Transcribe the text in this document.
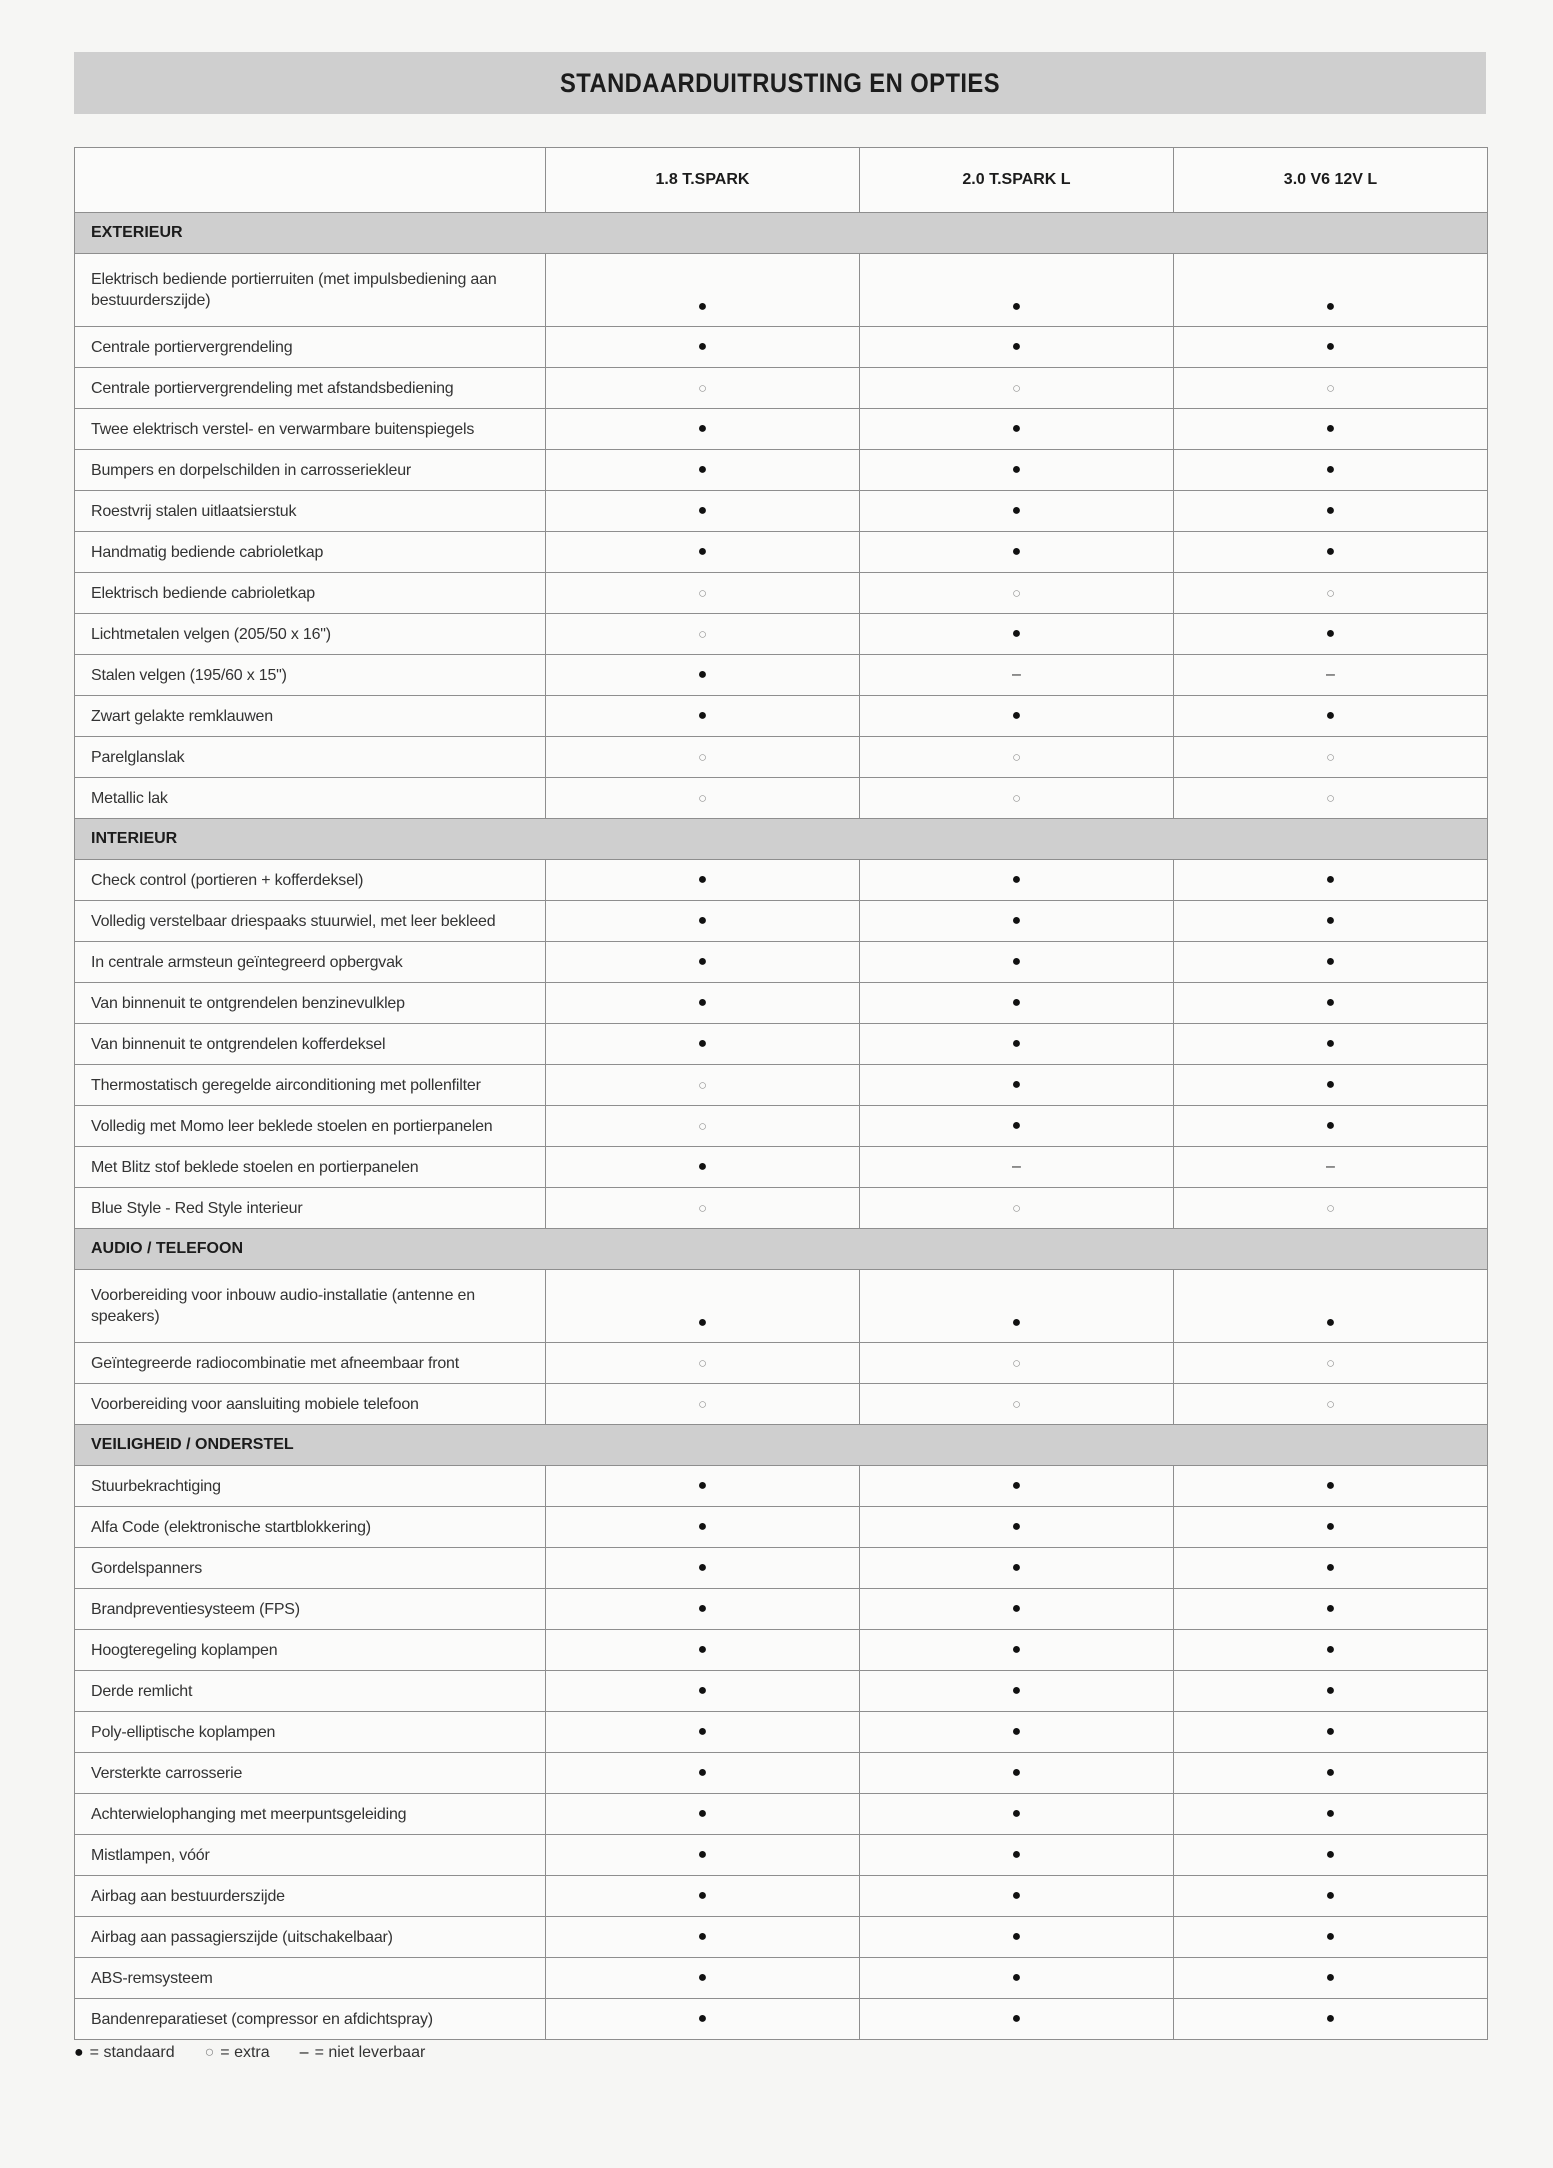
STANDAARDUITRUSTING EN OPTIES
	1.8 T.SPARK	2.0 T.SPARK L	3.0 V6 12V L
EXTERIEUR			
Elektrisch bediende portierruiten (met impulsbediening aan bestuurderszijde)	●	●	●
Centrale portiervergrendeling	●	●	●
Centrale portiervergrendeling met afstandsbediening	○	○	○
Twee elektrisch verstel- en verwarmbare buitenspiegels	●	●	●
Bumpers en dorpelschilden in carrosseriekleur	●	●	●
Roestvrij stalen uitlaatsierstuk	●	●	●
Handmatig bediende cabrioletkap	●	●	●
Elektrisch bediende cabrioletkap	○	○	○
Lichtmetalen velgen (205/50 x 16")	○	●	●
Stalen velgen (195/60 x 15")	●	–	–
Zwart gelakte remklauwen	●	●	●
Parelglanslak	○	○	○
Metallic lak	○	○	○
INTERIEUR			
Check control (portieren + kofferdeksel)	●	●	●
Volledig verstelbaar driespaaks stuurwiel, met leer bekleed	●	●	●
In centrale armsteun geïntegreerd opbergvak	●	●	●
Van binnenuit te ontgrendelen benzinevulklep	●	●	●
Van binnenuit te ontgrendelen kofferdeksel	●	●	●
Thermostatisch geregelde airconditioning met pollenfilter	○	●	●
Volledig met Momo leer beklede stoelen en portierpanelen	○	●	●
Met Blitz stof beklede stoelen en portierpanelen	●	–	–
Blue Style - Red Style interieur	○	○	○
AUDIO / TELEFOON			
Voorbereiding voor inbouw audio-installatie (antenne en speakers)	●	●	●
Geïntegreerde radiocombinatie met afneembaar front	○	○	○
Voorbereiding voor aansluiting mobiele telefoon	○	○	○
VEILIGHEID / ONDERSTEL			
Stuurbekrachtiging	●	●	●
Alfa Code (elektronische startblokkering)	●	●	●
Gordelspanners	●	●	●
Brandpreventiesysteem (FPS)	●	●	●
Hoogteregeling koplampen	●	●	●
Derde remlicht	●	●	●
Poly-elliptische koplampen	●	●	●
Versterkte carrosserie	●	●	●
Achterwielophanging met meerpuntsgeleiding	●	●	●
Mistlampen, vóór	●	●	●
Airbag aan bestuurderszijde	●	●	●
Airbag aan passagierszijde (uitschakelbaar)	●	●	●
ABS-remsysteem	●	●	●
Bandenreparatieset (compressor en afdichtspray)	●	●	●
● = standaard ○ = extra – = niet leverbaar
